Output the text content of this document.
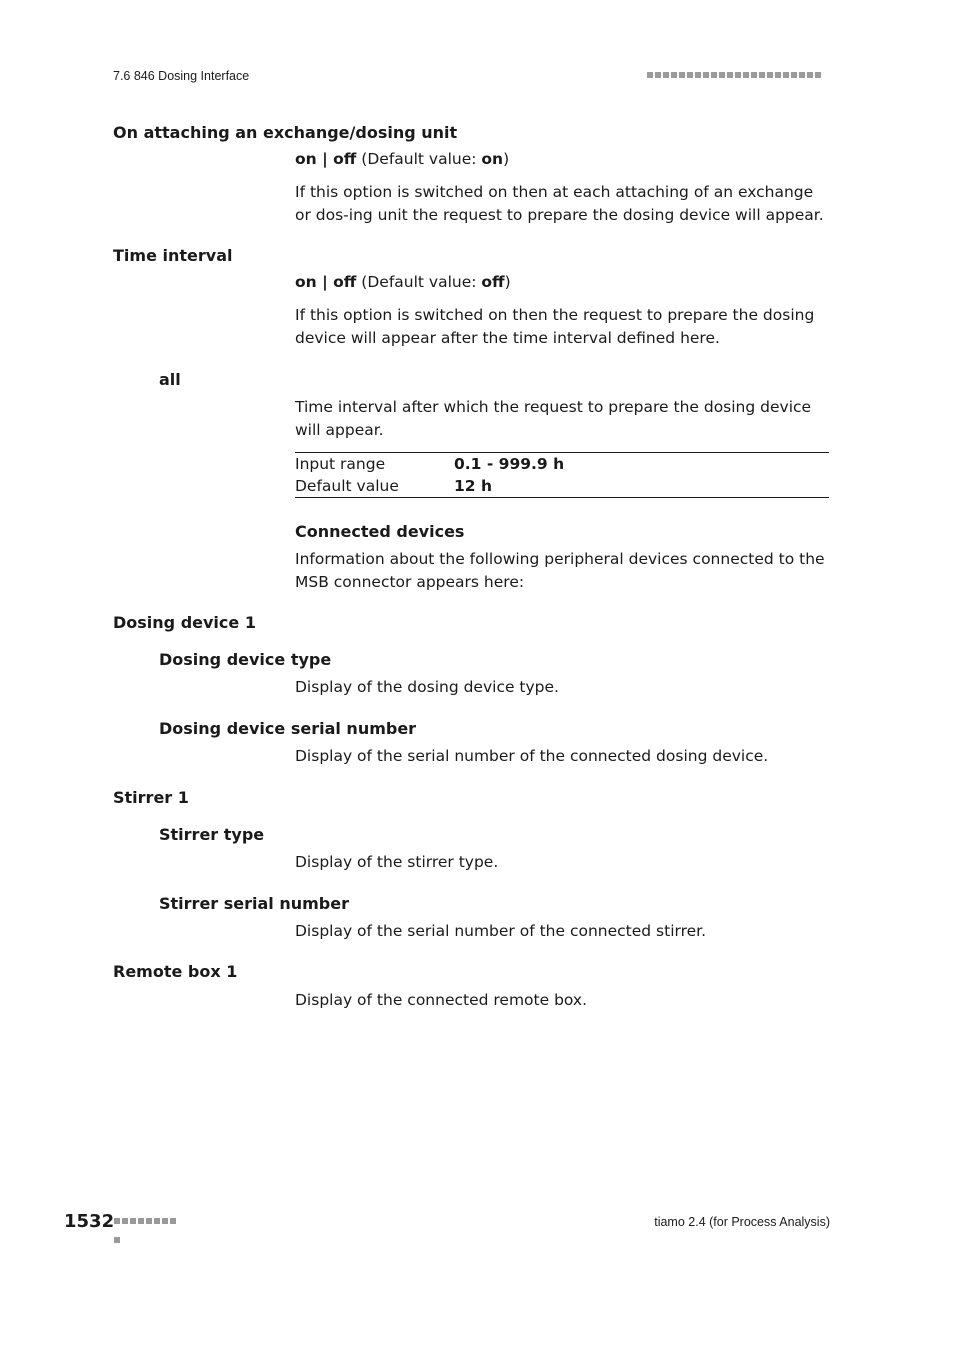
7.6 846 Dosing Interface
On attaching an exchange/dosing unit
on | off (Default value: on)
If this option is switched on then at each attaching of an exchange or dos-ing unit the request to prepare the dosing device will appear.
Time interval
on | off (Default value: off)
If this option is switched on then the request to prepare the dosing device will appear after the time interval defined here.
all
Time interval after which the request to prepare the dosing device will appear.
Input range	0.1 - 999.9 h
Default value	12 h
Connected devices
Information about the following peripheral devices connected to the MSB connector appears here:
Dosing device 1
Dosing device type
Display of the dosing device type.
Dosing device serial number
Display of the serial number of the connected dosing device.
Stirrer 1
Stirrer type
Display of the stirrer type.
Stirrer serial number
Display of the serial number of the connected stirrer.
Remote box 1
Display of the connected remote box.
1532	tiamo 2.4 (for Process Analysis)
